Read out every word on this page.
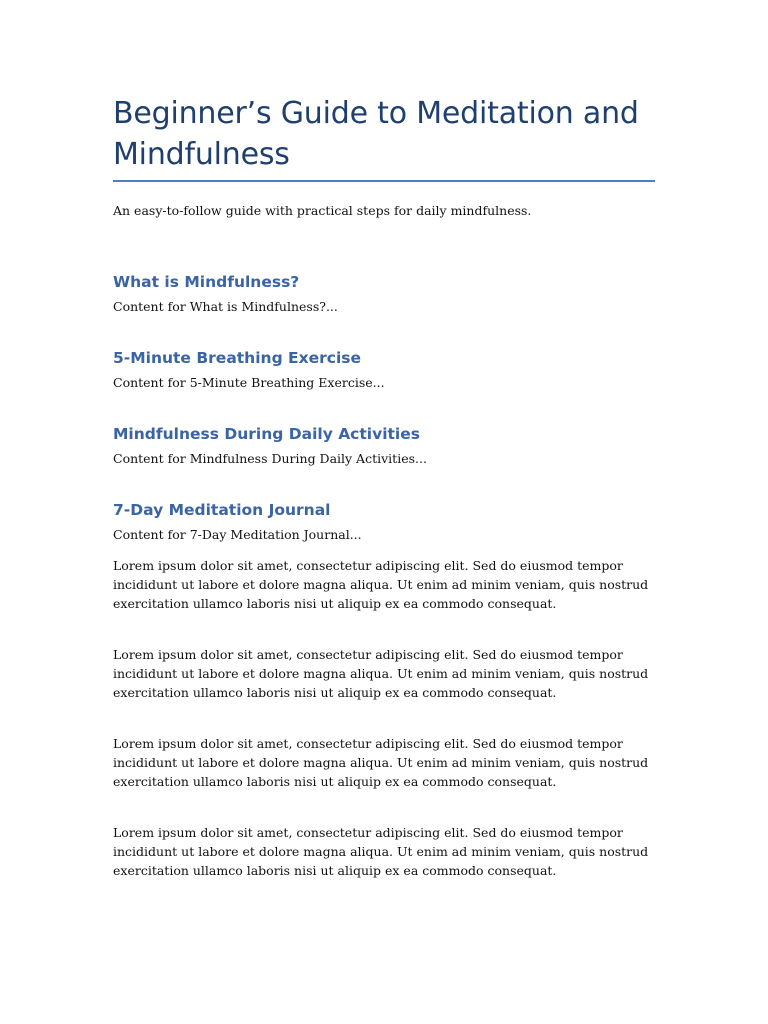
Beginner’s Guide to Meditation and Mindfulness

An easy-to-follow guide with practical steps for daily mindfulness.

What is Mindfulness?

Content for What is Mindfulness?...

5-Minute Breathing Exercise

Content for 5-Minute Breathing Exercise...

Mindfulness During Daily Activities

Content for Mindfulness During Daily Activities...

7-Day Meditation Journal

Content for 7-Day Meditation Journal...

Lorem ipsum dolor sit amet, consectetur adipiscing elit. Sed do eiusmod tempor incididunt ut labore et dolore magna aliqua. Ut enim ad minim veniam, quis nostrud exercitation ullamco laboris nisi ut aliquip ex ea commodo consequat.

Lorem ipsum dolor sit amet, consectetur adipiscing elit. Sed do eiusmod tempor incididunt ut labore et dolore magna aliqua. Ut enim ad minim veniam, quis nostrud exercitation ullamco laboris nisi ut aliquip ex ea commodo consequat.

Lorem ipsum dolor sit amet, consectetur adipiscing elit. Sed do eiusmod tempor incididunt ut labore et dolore magna aliqua. Ut enim ad minim veniam, quis nostrud exercitation ullamco laboris nisi ut aliquip ex ea commodo consequat.

Lorem ipsum dolor sit amet, consectetur adipiscing elit. Sed do eiusmod tempor incididunt ut labore et dolore magna aliqua. Ut enim ad minim veniam, quis nostrud exercitation ullamco laboris nisi ut aliquip ex ea commodo consequat.
